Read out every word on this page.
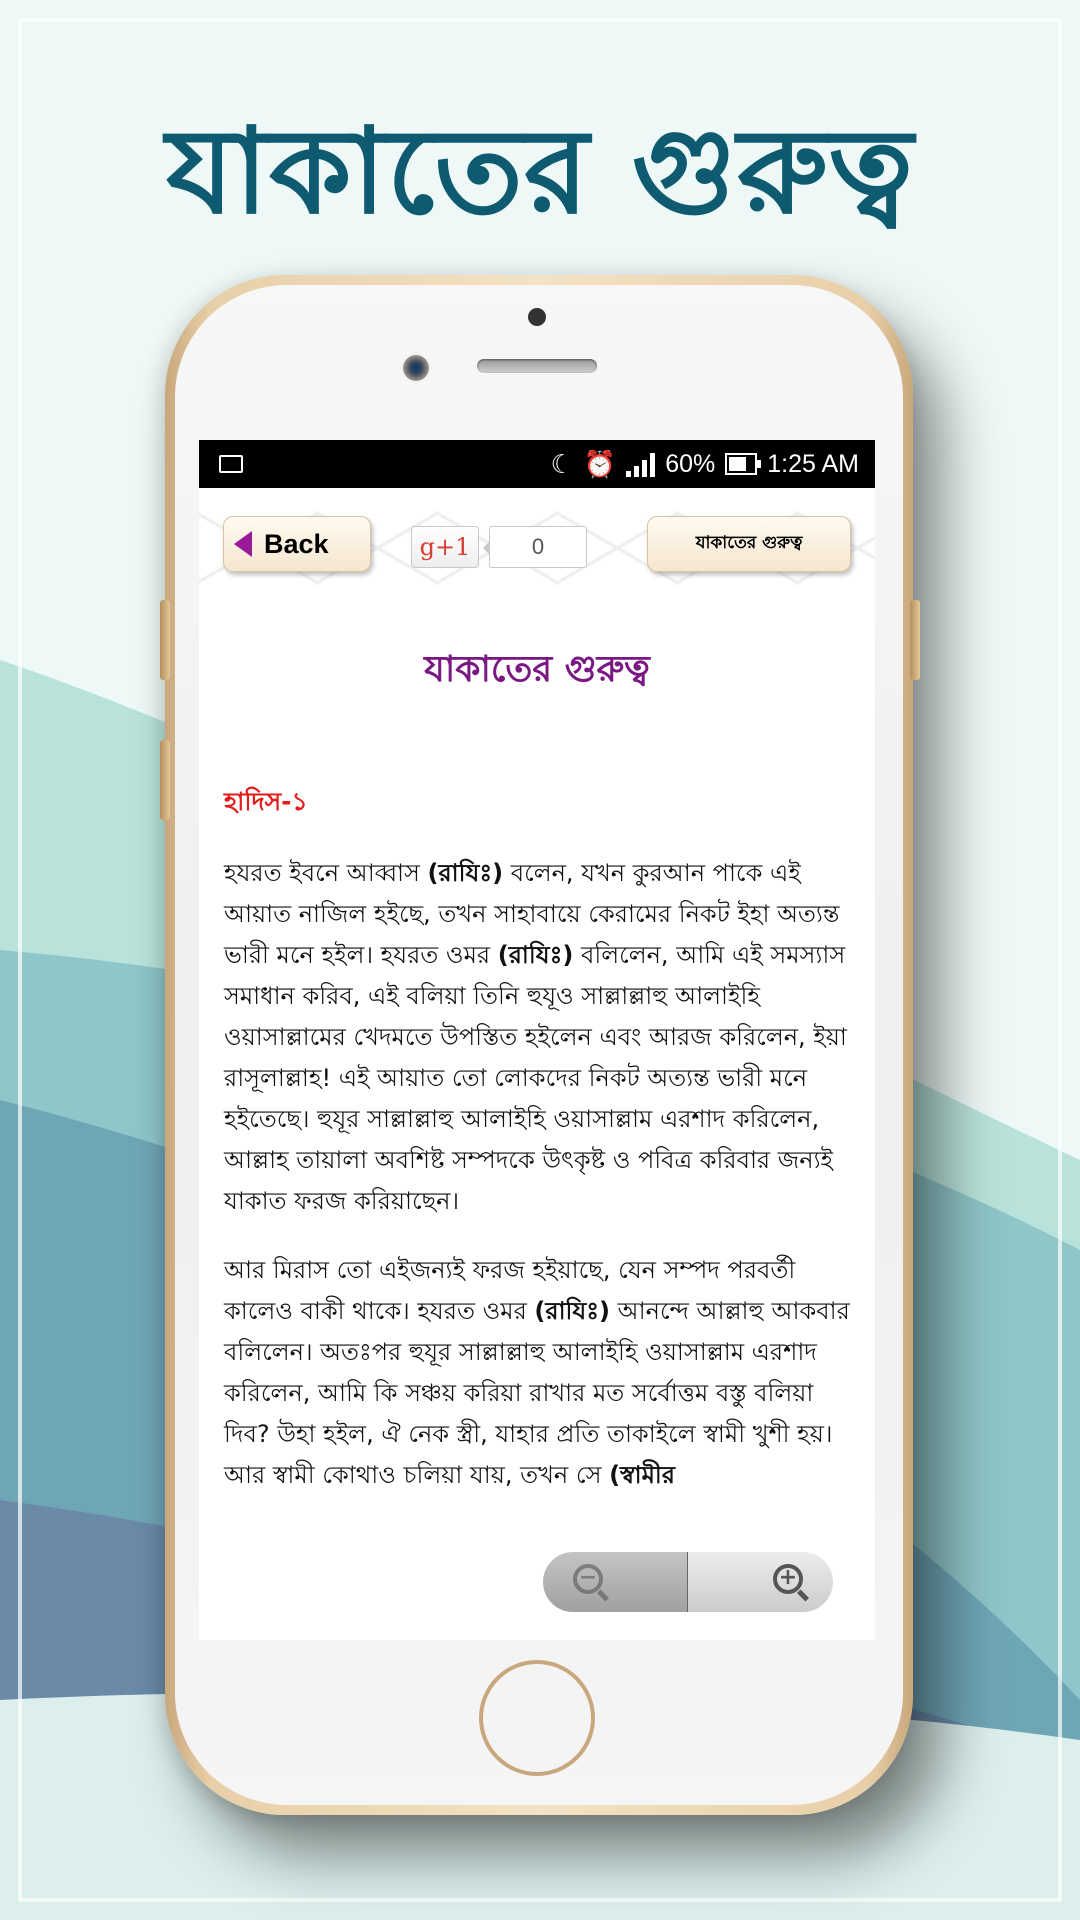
যাকাতের গুরুত্ব
☾ ⏰ 60% 1:25 AM
Back	g+1	0	যাকাতের গুরুত্ব
যাকাতের গুরুত্ব
হাদিস-১

হযরত ইবনে আব্বাস (রাযিঃ) বলেন, যখন কুরআন পাকে এই আয়াত নাজিল হইছে, তখন সাহাবায়ে কেরামের নিকট ইহা অত্যন্ত ভারী মনে হইল। হযরত ওমর (রাযিঃ) বলিলেন, আমি এই সমস্যাস সমাধান করিব, এই বলিয়া তিনি হুযূও সাল্লাল্লাহু আলাইহি ওয়াসাল্লামের খেদমতে উপস্তিত হইলেন এবং আরজ করিলেন, ইয়া রাসূলাল্লাহ! এই আয়াত তো লোকদের নিকট অত্যন্ত ভারী মনে হইতেছে। হুযূর সাল্লাল্লাহু আলাইহি ওয়াসাল্লাম এরশাদ করিলেন, আল্লাহ তায়ালা অবশিষ্ট সম্পদকে উৎকৃষ্ট ও পবিত্র করিবার জন্যই যাকাত ফরজ করিয়াছেন।

আর মিরাস তো এইজন্যই ফরজ হইয়াছে, যেন সম্পদ পরবর্তী কালেও বাকী থাকে। হযরত ওমর (রাযিঃ) আনন্দে আল্লাহু আকবার বলিলেন। অতঃপর হুযূর সাল্লাল্লাহু আলাইহি ওয়াসাল্লাম এরশাদ করিলেন, আমি কি সঞ্চয় করিয়া রাখার মত সর্বোত্তম বস্তু বলিয়া দিব? উহা হইল, ঐ নেক স্ত্রী, যাহার প্রতি তাকাইলে স্বামী খুশী হয়। আর স্বামী কোথাও চলিয়া যায়, তখন সে (স্বামীর

−	+
